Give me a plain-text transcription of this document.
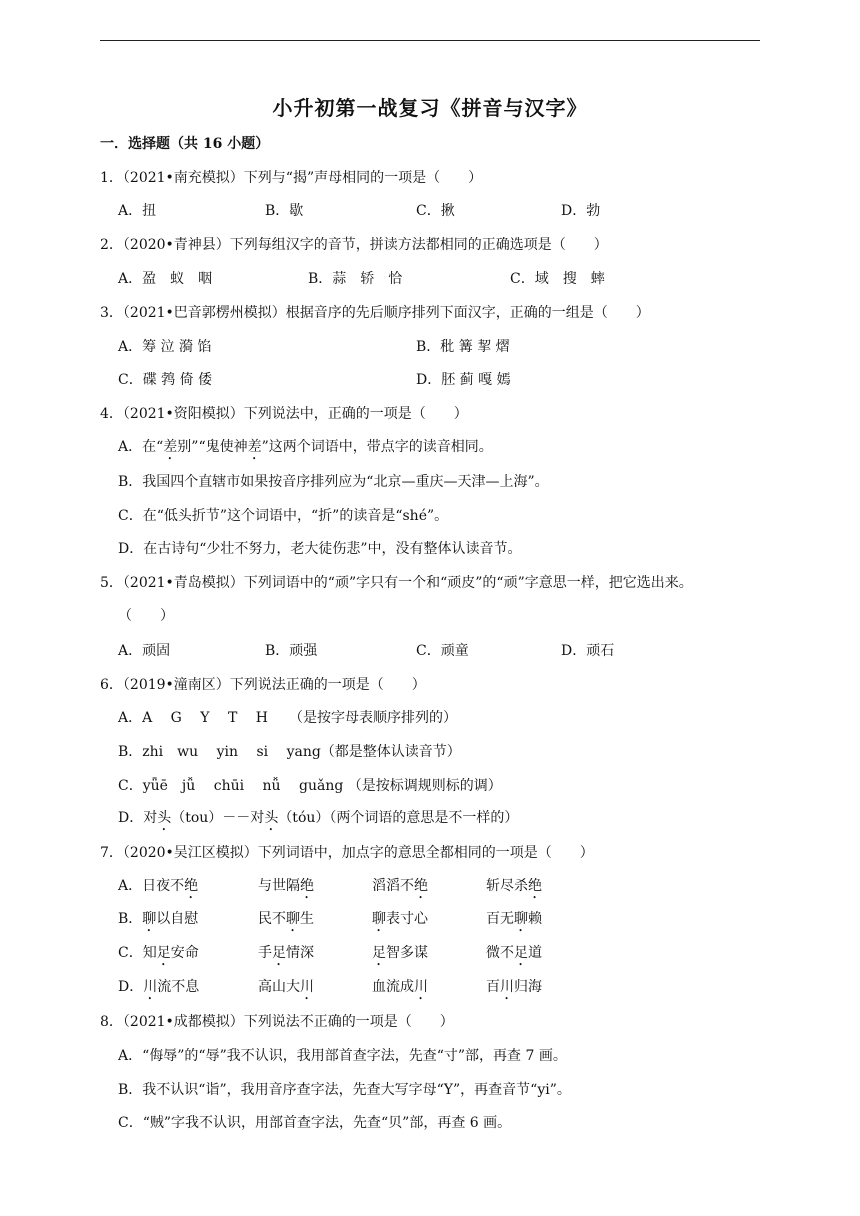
小升初第一战复习《拼音与汉字》
一．选择题（共 16 小题）
1．（2021•南充模拟）下列与“揭”声母相同的一项是（　　）
A．扭	B．歇	C．揪	D．勃
2．（2020•青神县）下列每组汉字的音节，拼读方法都相同的正确选项是（　　）
A．盈　蚁　咽	B．蒜　轿　恰	C．域　搜　蟀
3．（2021•巴音郭楞州模拟）根据音序的先后顺序排列下面汉字，正确的一组是（　　）
A．筹 泣 漪 馅	B．秕 篝 挈 熠
C．碟 鹁 倚 倭	D．胚 蓟 嘎 嫣
4．（2021•资阳模拟）下列说法中，正确的一项是（　　）
A．在“差别”“鬼使神差”这两个词语中，带点字的读音相同。
B．我国四个直辖市如果按音序排列应为“北京—重庆—天津—上海”。
C．在“低头折节”这个词语中，“折”的读音是“shé”。
D．在古诗句“少壮不努力，老大徒伤悲”中，没有整体认读音节。
5．（2021•青岛模拟）下列词语中的“顽”字只有一个和“顽皮”的“顽”字意思一样，把它选出来。
（　　）
A．顽固	B．顽强	C．顽童	D．顽石
6．（2019•潼南区）下列说法正确的一项是（　　）
A．A　 G　 Y　 T　 H　　（是按字母表顺序排列的）
B．zhi　wu　 yin　 si　 yang（都是整体认读音节）
C．yǖē　jǚ　 chūi　 nǚ　 guǎng （是按标调规则标的调）
D．对头（tou）－－对头（tóu）（两个词语的意思是不一样的）
7．（2020•吴江区模拟）下列词语中，加点字的意思全都相同的一项是（　　）
A．日夜不绝	与世隔绝	滔滔不绝	斩尽杀绝
B．聊以自慰	民不聊生	聊表寸心	百无聊赖
C．知足安命	手足情深	足智多谋	微不足道
D．川流不息	高山大川	血流成川	百川归海
8．（2021•成都模拟）下列说法不正确的一项是（　　）
A．“侮辱”的“辱”我不认识，我用部首查字法，先查“寸”部，再查 7 画。
B．我不认识“诣”，我用音序查字法，先查大写字母“Y”，再查音节“yi”。
C．“贼”字我不认识，用部首查字法，先查“贝”部，再查 6 画。
